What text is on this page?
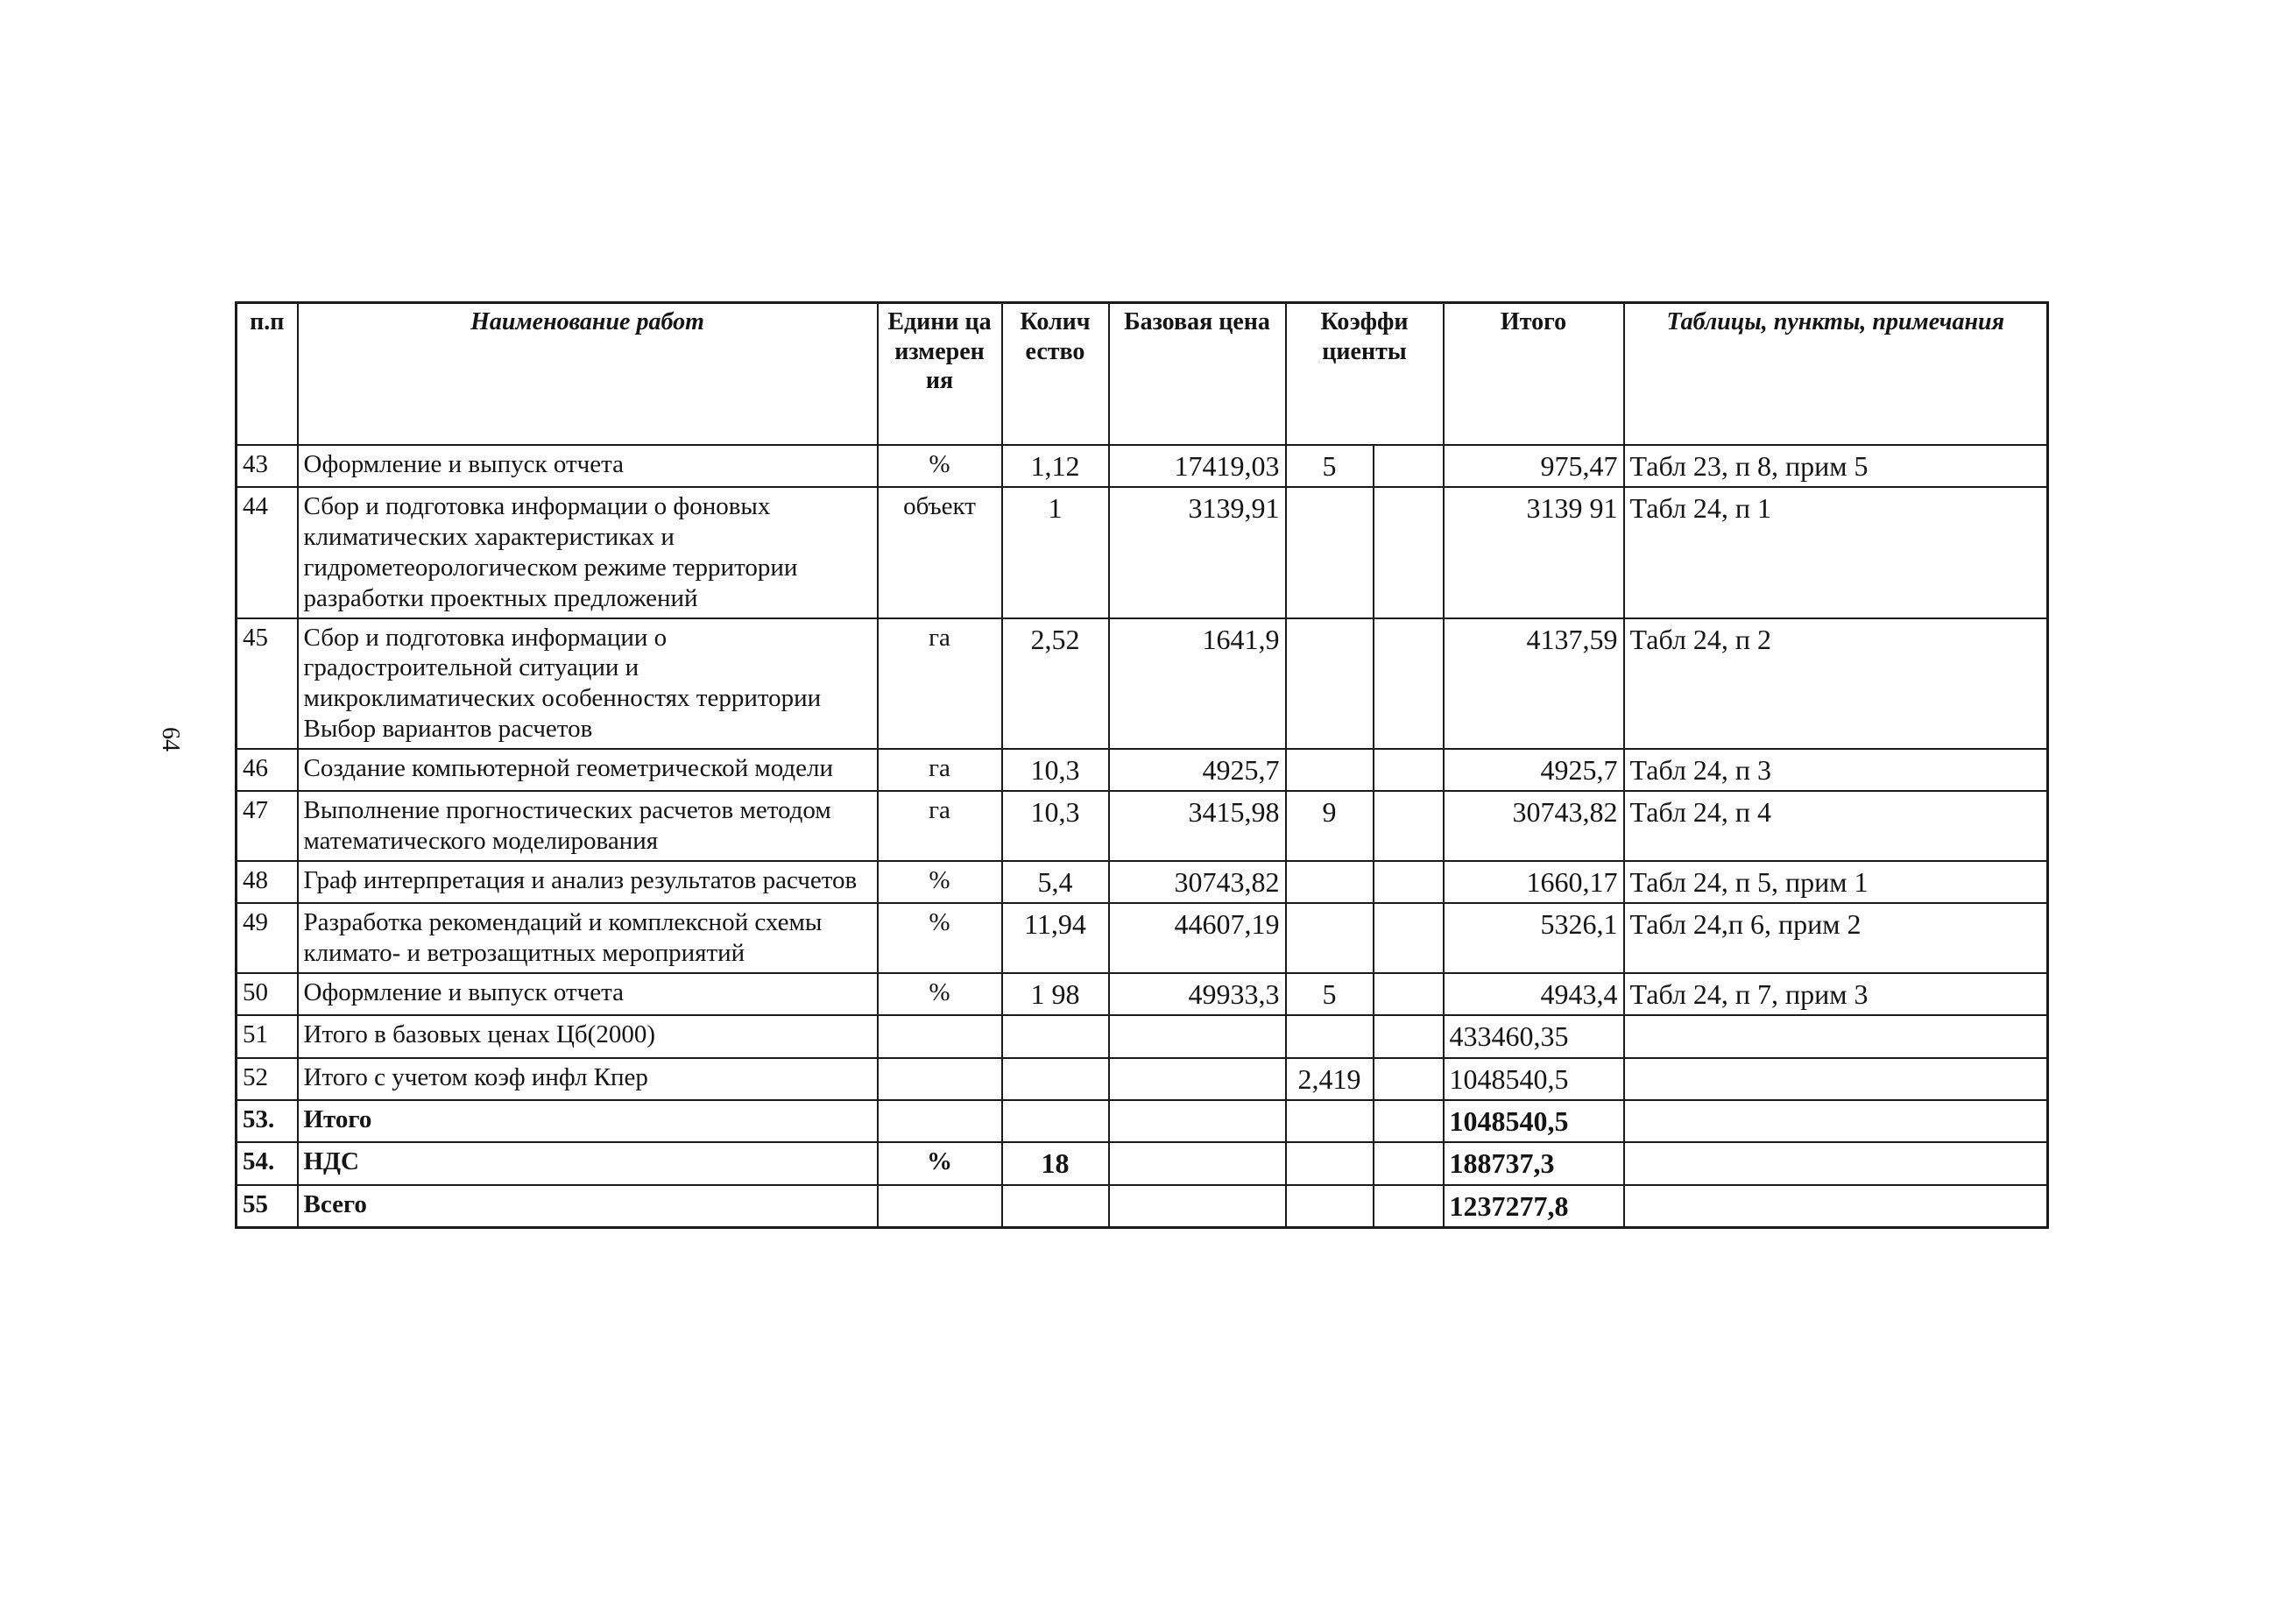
64
п.п	Наименование работ	Едини ца измерен ия	Колич ество	Базовая цена	Коэффи циенты		Итого	Таблицы, пункты, примечания
43	Оформление и выпуск отчета	%	1,12	17419,03	5		975,47	Табл 23, п 8, прим 5
44	Сбор и подготовка информации о фоновых климатических характеристиках и гидрометеорологическом режиме территории разработки проектных предложений	объект	1	3139,91			3139 91	Табл 24, п 1
45	Сбор и подготовка информации о градостроительной ситуации и микроклиматических особенностях территории Выбор вариантов расчетов	га	2,52	1641,9			4137,59	Табл 24, п 2
46	Создание компьютерной геометрической модели	га	10,3	4925,7			4925,7	Табл 24, п 3
47	Выполнение прогностических расчетов методом математического моделирования	га	10,3	3415,98	9		30743,82	Табл 24, п 4
48	Граф интерпретация и анализ результатов расчетов	%	5,4	30743,82			1660,17	Табл 24, п 5, прим 1
49	Разработка рекомендаций и комплексной схемы климато- и ветрозащитных мероприятий	%	11,94	44607,19			5326,1	Табл 24,п 6, прим 2
50	Оформление и выпуск отчета	%	1 98	49933,3	5		4943,4	Табл 24, п 7, прим 3
51	Итого в базовых ценах Цб(2000)						433460,35	
52	Итого с учетом коэф инфл Кпер				2,419		1048540,5	
53.	Итого						1048540,5	
54.	НДС	%	18				188737,3	
55	Всего						1237277,8	
